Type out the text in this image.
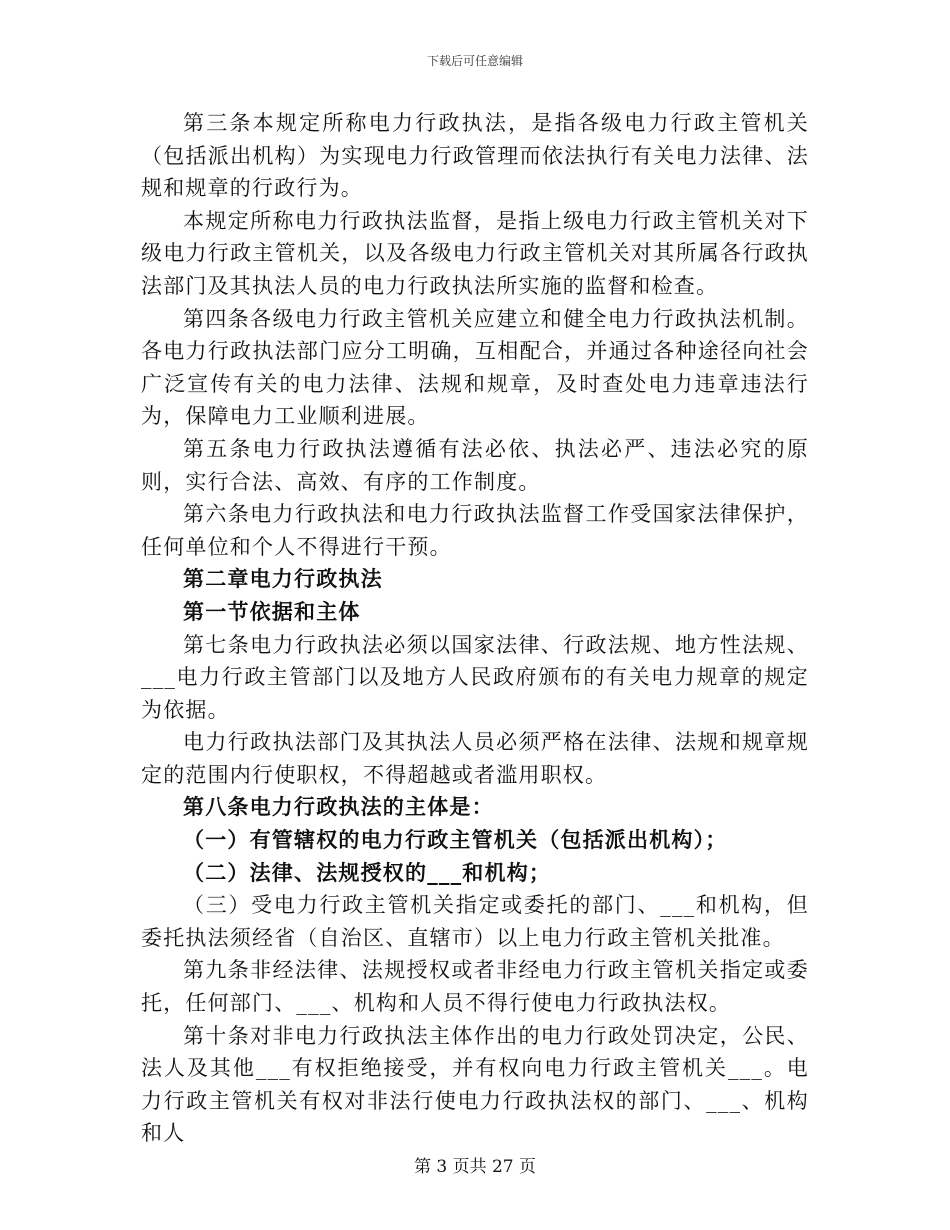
下载后可任意编辑

第三条本规定所称电力行政执法，是指各级电力行政主管机关（包括派出机构）为实现电力行政管理而依法执行有关电力法律、法规和规章的行政行为。

本规定所称电力行政执法监督，是指上级电力行政主管机关对下级电力行政主管机关，以及各级电力行政主管机关对其所属各行政执法部门及其执法人员的电力行政执法所实施的监督和检查。

第四条各级电力行政主管机关应建立和健全电力行政执法机制。各电力行政执法部门应分工明确，互相配合，并通过各种途径向社会广泛宣传有关的电力法律、法规和规章，及时查处电力违章违法行为，保障电力工业顺利进展。

第五条电力行政执法遵循有法必依、执法必严、违法必究的原则，实行合法、高效、有序的工作制度。

第六条电力行政执法和电力行政执法监督工作受国家法律保护，任何单位和个人不得进行干预。

第二章电力行政执法

第一节依据和主体

第七条电力行政执法必须以国家法律、行政法规、地方性法规、___电力行政主管部门以及地方人民政府颁布的有关电力规章的规定为依据。

电力行政执法部门及其执法人员必须严格在法律、法规和规章规定的范围内行使职权，不得超越或者滥用职权。

第八条电力行政执法的主体是：

（一）有管辖权的电力行政主管机关（包括派出机构）；

（二）法律、法规授权的___和机构；

（三）受电力行政主管机关指定或委托的部门、___和机构，但委托执法须经省（自治区、直辖市）以上电力行政主管机关批准。

第九条非经法律、法规授权或者非经电力行政主管机关指定或委托，任何部门、___、机构和人员不得行使电力行政执法权。

第十条对非电力行政执法主体作出的电力行政处罚决定，公民、法人及其他___有权拒绝接受，并有权向电力行政主管机关___。电力行政主管机关有权对非法行使电力行政执法权的部门、___、机构和人

第 3 页共 27 页
